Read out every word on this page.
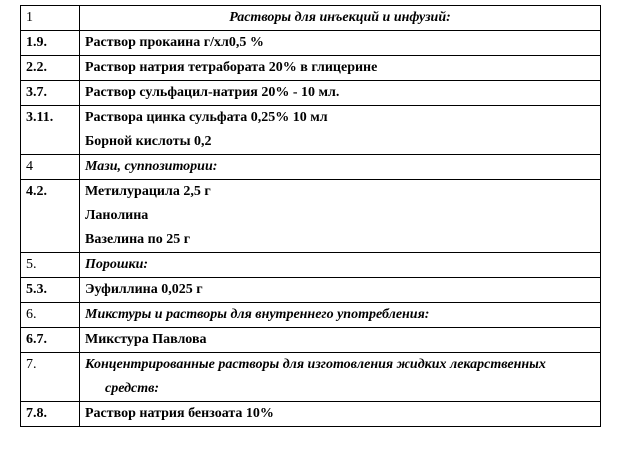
1	Растворы для инъекций и инфузий:

1.9.	Раствор прокаина г/хл0,5 %

2.2.	Раствор натрия тетрабората 20% в глицерине

3.7.	Раствор сульфацил-натрия 20% - 10 мл.

3.11.	Раствора цинка сульфата 0,25% 10 мл
Борной кислоты 0,2

4	Мази, суппозитории:

4.2.	Метилурацила 2,5 г
Ланолина
Вазелина по 25 г

5.	Порошки:

5.3.	Эуфиллина 0,025 г

6.	Микстуры и растворы для внутреннего употребления:

6.7.	Микстура Павлова

7.	Концентрированные растворы для изготовления жидких лекарственных
средств:

7.8.	Раствор натрия бензоата 10%
